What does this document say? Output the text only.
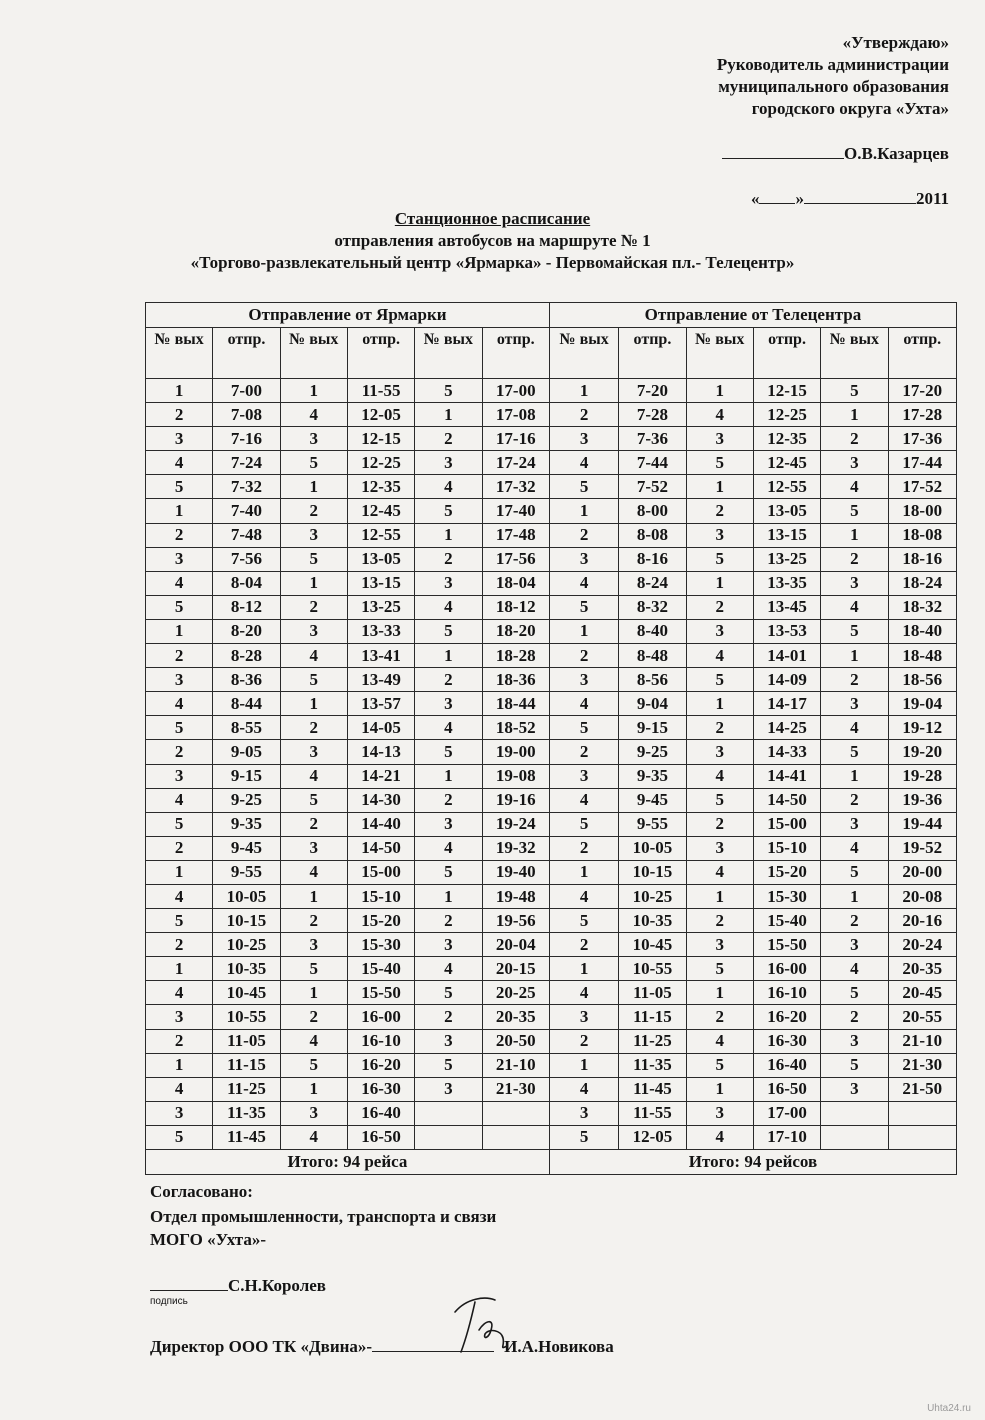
«Утверждаю»
Руководитель администрации
муниципального образования
городского округа «Ухта»
О.В.Казарцев
« »	2011
Станционное расписание
отправления автобусов на маршруте № 1
«Торгово-развлекательный центр «Ярмарка» - Первомайская пл.- Телецентр»
Отправление от Ярмарки						Отправление от Телецентра					
№ вых	отпр.	№ вых	отпр.	№ вых	отпр.	№ вых	отпр.	№ вых	отпр.	№ вых	отпр.
1	7-00	1	11-55	5	17-00	1	7-20	1	12-15	5	17-20
2	7-08	4	12-05	1	17-08	2	7-28	4	12-25	1	17-28
3	7-16	3	12-15	2	17-16	3	7-36	3	12-35	2	17-36
4	7-24	5	12-25	3	17-24	4	7-44	5	12-45	3	17-44
5	7-32	1	12-35	4	17-32	5	7-52	1	12-55	4	17-52
1	7-40	2	12-45	5	17-40	1	8-00	2	13-05	5	18-00
2	7-48	3	12-55	1	17-48	2	8-08	3	13-15	1	18-08
3	7-56	5	13-05	2	17-56	3	8-16	5	13-25	2	18-16
4	8-04	1	13-15	3	18-04	4	8-24	1	13-35	3	18-24
5	8-12	2	13-25	4	18-12	5	8-32	2	13-45	4	18-32
1	8-20	3	13-33	5	18-20	1	8-40	3	13-53	5	18-40
2	8-28	4	13-41	1	18-28	2	8-48	4	14-01	1	18-48
3	8-36	5	13-49	2	18-36	3	8-56	5	14-09	2	18-56
4	8-44	1	13-57	3	18-44	4	9-04	1	14-17	3	19-04
5	8-55	2	14-05	4	18-52	5	9-15	2	14-25	4	19-12
2	9-05	3	14-13	5	19-00	2	9-25	3	14-33	5	19-20
3	9-15	4	14-21	1	19-08	3	9-35	4	14-41	1	19-28
4	9-25	5	14-30	2	19-16	4	9-45	5	14-50	2	19-36
5	9-35	2	14-40	3	19-24	5	9-55	2	15-00	3	19-44
2	9-45	3	14-50	4	19-32	2	10-05	3	15-10	4	19-52
1	9-55	4	15-00	5	19-40	1	10-15	4	15-20	5	20-00
4	10-05	1	15-10	1	19-48	4	10-25	1	15-30	1	20-08
5	10-15	2	15-20	2	19-56	5	10-35	2	15-40	2	20-16
2	10-25	3	15-30	3	20-04	2	10-45	3	15-50	3	20-24
1	10-35	5	15-40	4	20-15	1	10-55	5	16-00	4	20-35
4	10-45	1	15-50	5	20-25	4	11-05	1	16-10	5	20-45
3	10-55	2	16-00	2	20-35	3	11-15	2	16-20	2	20-55
2	11-05	4	16-10	3	20-50	2	11-25	4	16-30	3	21-10
1	11-15	5	16-20	5	21-10	1	11-35	5	16-40	5	21-30
4	11-25	1	16-30	3	21-30	4	11-45	1	16-50	3	21-50
3	11-35	3	16-40			3	11-55	3	17-00		
5	11-45	4	16-50			5	12-05	4	17-10		
Итого: 94 рейса						Итого: 94 рейсов					
Согласовано:
Отдел промышленности, транспорта и связи
МОГО «Ухта»-
С.Н.Королев
подпись
Директор ООО ТК «Двина»-	И.А.Новикова
Uhta24.ru
